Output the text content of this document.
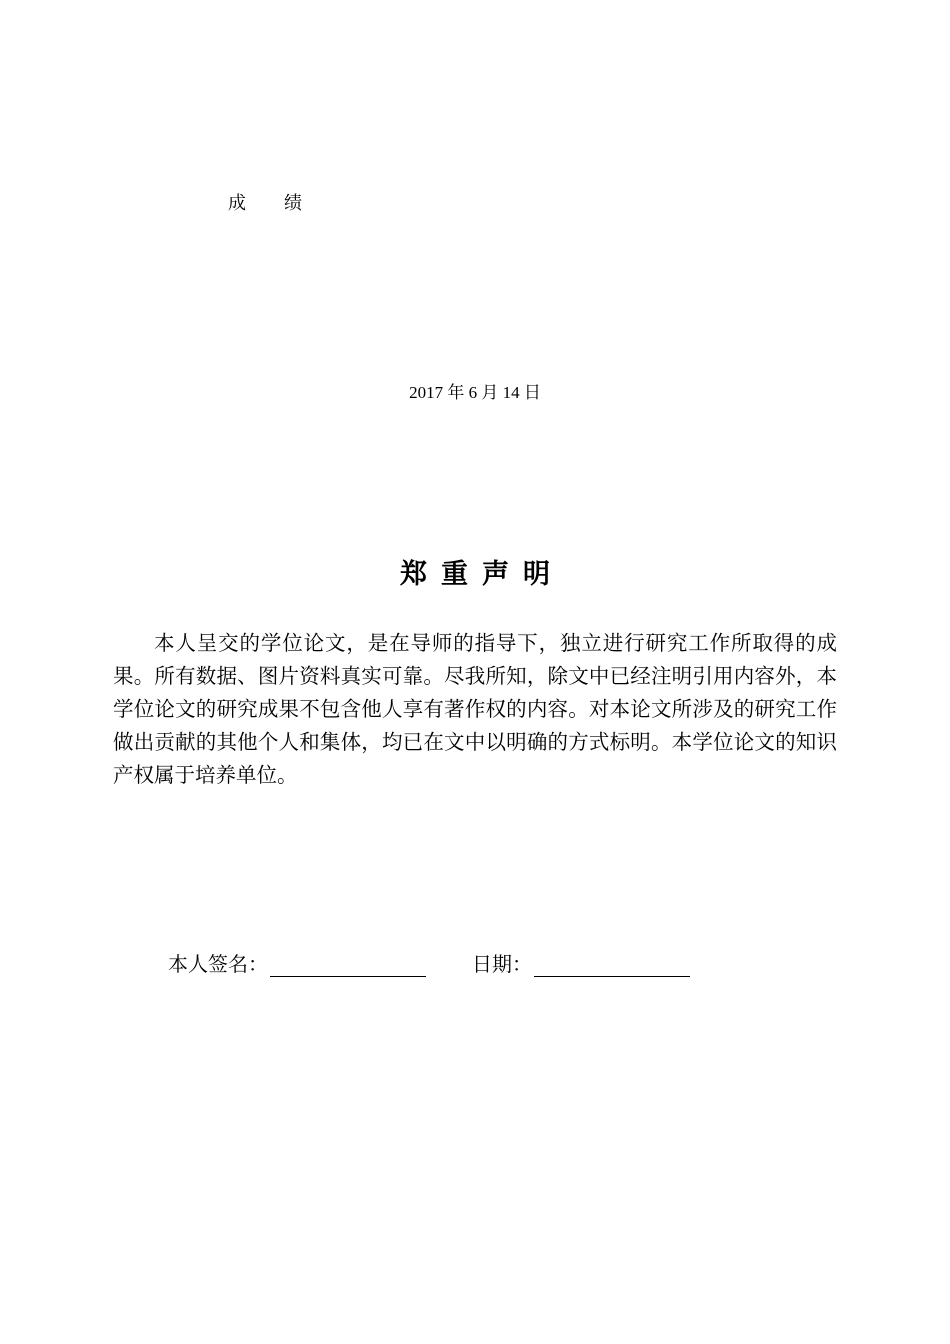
成绩
2017 年 6 月 14 日
郑重声明

本人呈交的学位论文，是在导师的指导下，独立进行研究工作所取得的成果。所有数据、图片资料真实可靠。尽我所知，除文中已经注明引用内容外，本学位论文的研究成果不包含他人享有著作权的内容。对本论文所涉及的研究工作做出贡献的其他个人和集体，均已在文中以明确的方式标明。本学位论文的知识产权属于培养单位。

本人签名：	日期：
